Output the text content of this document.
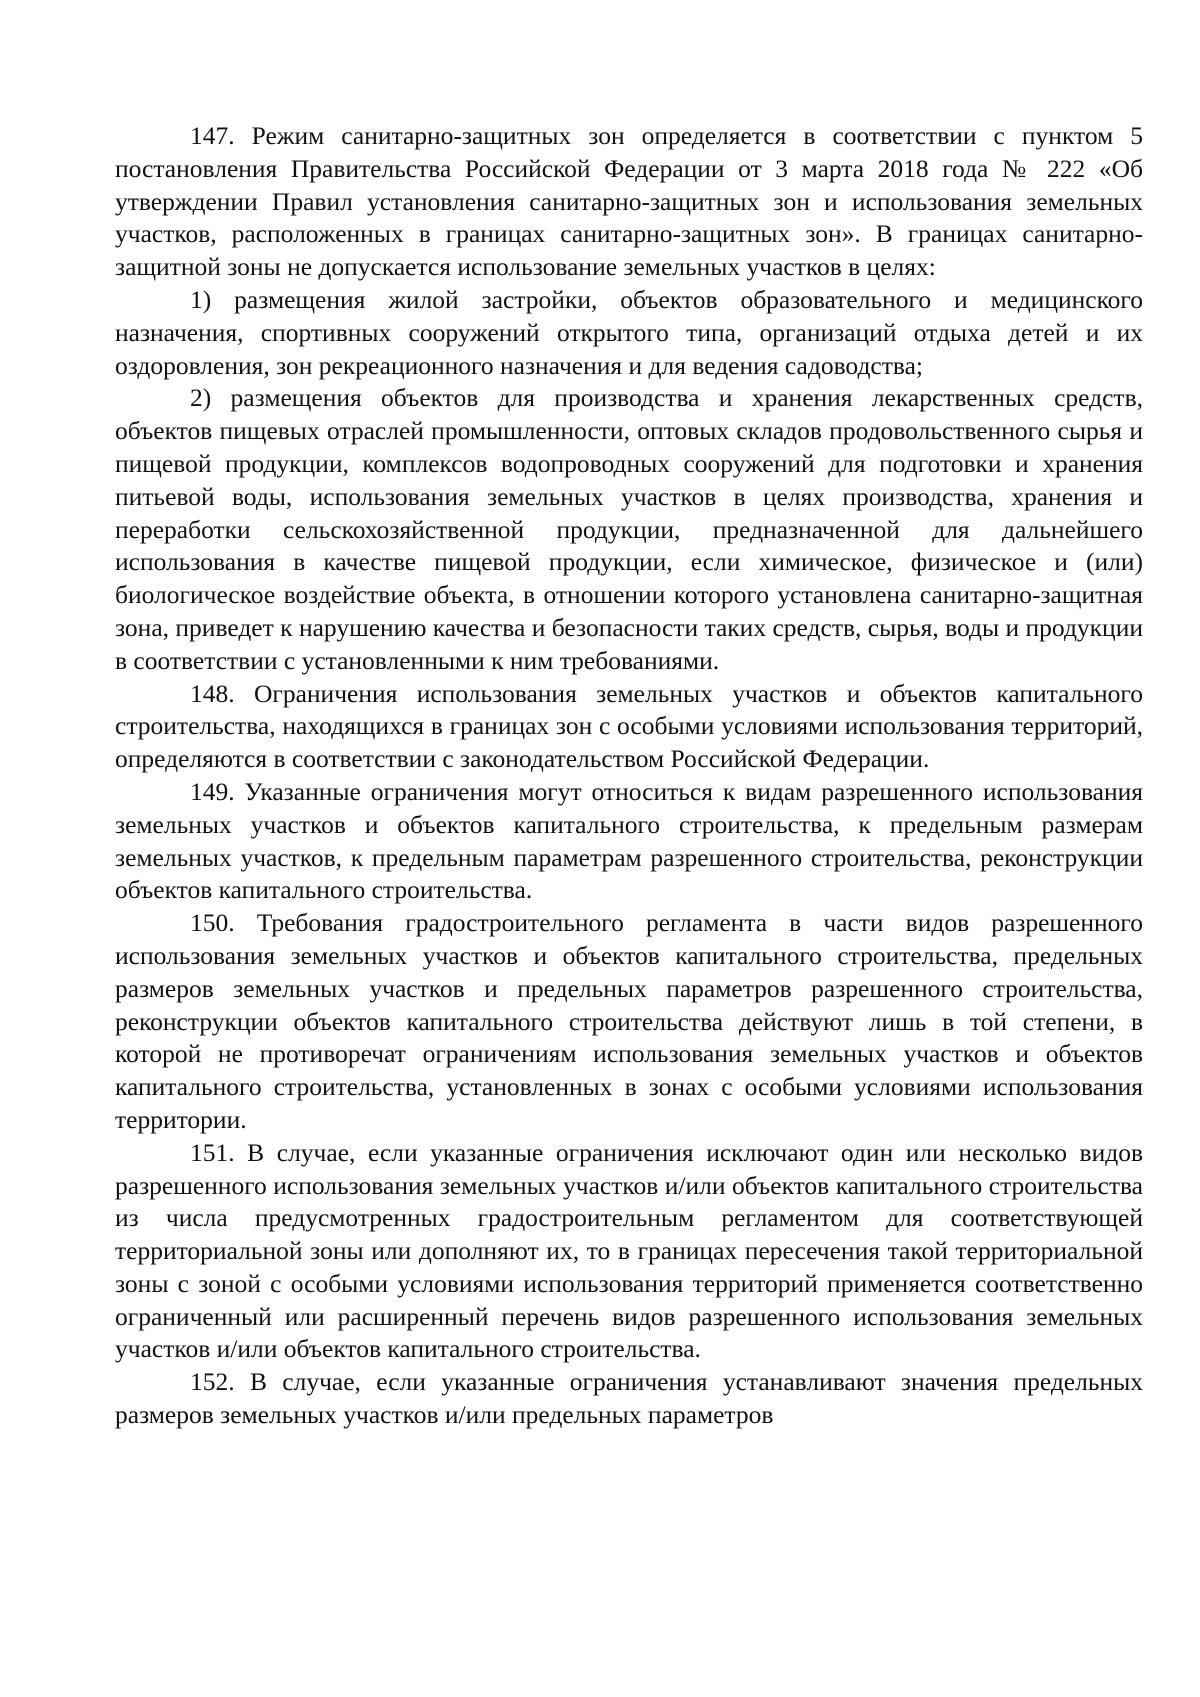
147. Режим санитарно-защитных зон определяется в соответствии с пунктом 5 постановления Правительства Российской Федерации от 3 марта 2018 года № 222 «Об утверждении Правил установления санитарно-защитных зон и использования земельных участков, расположенных в границах санитарно-защитных зон». В границах санитарно-защитной зоны не допускается использование земельных участков в целях:

1) размещения жилой застройки, объектов образовательного и медицинского назначения, спортивных сооружений открытого типа, организаций отдыха детей и их оздоровления, зон рекреационного назначения и для ведения садоводства;

2) размещения объектов для производства и хранения лекарственных средств, объектов пищевых отраслей промышленности, оптовых складов продовольственного сырья и пищевой продукции, комплексов водопроводных сооружений для подготовки и хранения питьевой воды, использования земельных участков в целях производства, хранения и переработки сельскохозяйственной продукции, предназначенной для дальнейшего использования в качестве пищевой продукции, если химическое, физическое и (или) биологическое воздействие объекта, в отношении которого установлена санитарно-защитная зона, приведет к нарушению качества и безопасности таких средств, сырья, воды и продукции в соответствии с установленными к ним требованиями.

148. Ограничения использования земельных участков и объектов капитального строительства, находящихся в границах зон с особыми условиями использования территорий, определяются в соответствии с законодательством Российской Федерации.

149. Указанные ограничения могут относиться к видам разрешенного использования земельных участков и объектов капитального строительства, к предельным размерам земельных участков, к предельным параметрам разрешенного строительства, реконструкции объектов капитального строительства.

150. Требования градостроительного регламента в части видов разрешенного использования земельных участков и объектов капитального строительства, предельных размеров земельных участков и предельных параметров разрешенного строительства, реконструкции объектов капитального строительства действуют лишь в той степени, в которой не противоречат ограничениям использования земельных участков и объектов капитального строительства, установленных в зонах с особыми условиями использования территории.

151. В случае, если указанные ограничения исключают один или несколько видов разрешенного использования земельных участков и/или объектов капитального строительства из числа предусмотренных градостроительным регламентом для соответствующей территориальной зоны или дополняют их, то в границах пересечения такой территориальной зоны с зоной с особыми условиями использования территорий применяется соответственно ограниченный или расширенный перечень видов разрешенного использования земельных участков и/или объектов капитального строительства.

152. В случае, если указанные ограничения устанавливают значения предельных размеров земельных участков и/или предельных параметров
